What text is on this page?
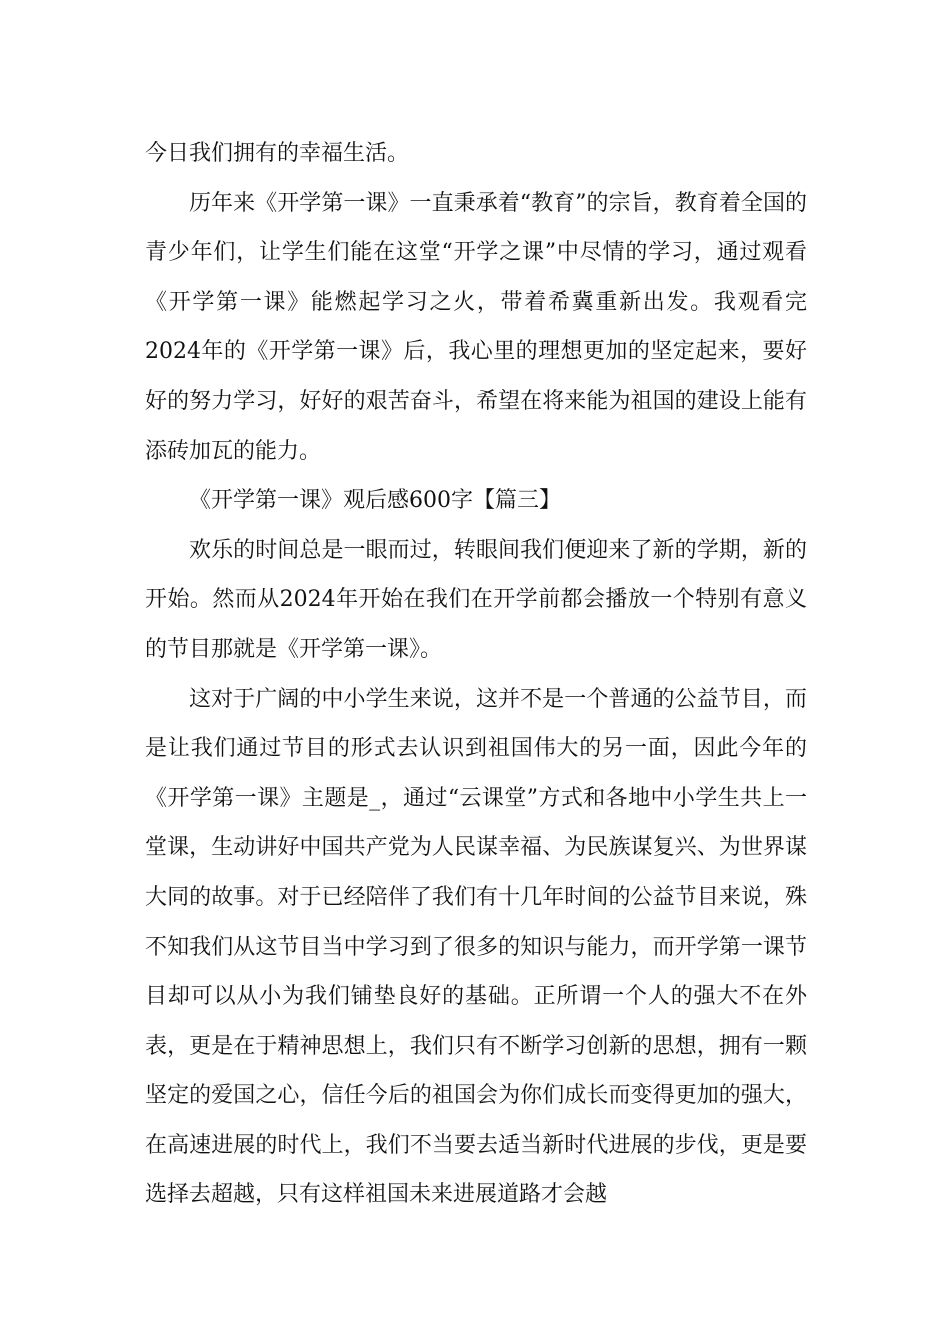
今日我们拥有的幸福生活。

历年来《开学第一课》一直秉承着“教育”的宗旨，教育着全国的青少年们，让学生们能在这堂“开学之课”中尽情的学习，通过观看《开学第一课》能燃起学习之火，带着希冀重新出发。我观看完2024年的《开学第一课》后，我心里的理想更加的坚定起来，要好好的努力学习，好好的艰苦奋斗，希望在将来能为祖国的建设上能有添砖加瓦的能力。

《开学第一课》观后感600字【篇三】

欢乐的时间总是一眼而过，转眼间我们便迎来了新的学期，新的开始。然而从2024年开始在我们在开学前都会播放一个特别有意义的节目那就是《开学第一课》。

这对于广阔的中小学生来说，这并不是一个普通的公益节目，而是让我们通过节目的形式去认识到祖国伟大的另一面，因此今年的《开学第一课》主题是_，通过“云课堂”方式和各地中小学生共上一堂课，生动讲好中国共产党为人民谋幸福、为民族谋复兴、为世界谋大同的故事。对于已经陪伴了我们有十几年时间的公益节目来说，殊不知我们从这节目当中学习到了很多的知识与能力，而开学第一课节目却可以从小为我们铺垫良好的基础。正所谓一个人的强大不在外表，更是在于精神思想上，我们只有不断学习创新的思想，拥有一颗坚定的爱国之心，信任今后的祖国会为你们成长而变得更加的强大，在高速进展的时代上，我们不当要去适当新时代进展的步伐，更是要选择去超越，只有这样祖国未来进展道路才会越
